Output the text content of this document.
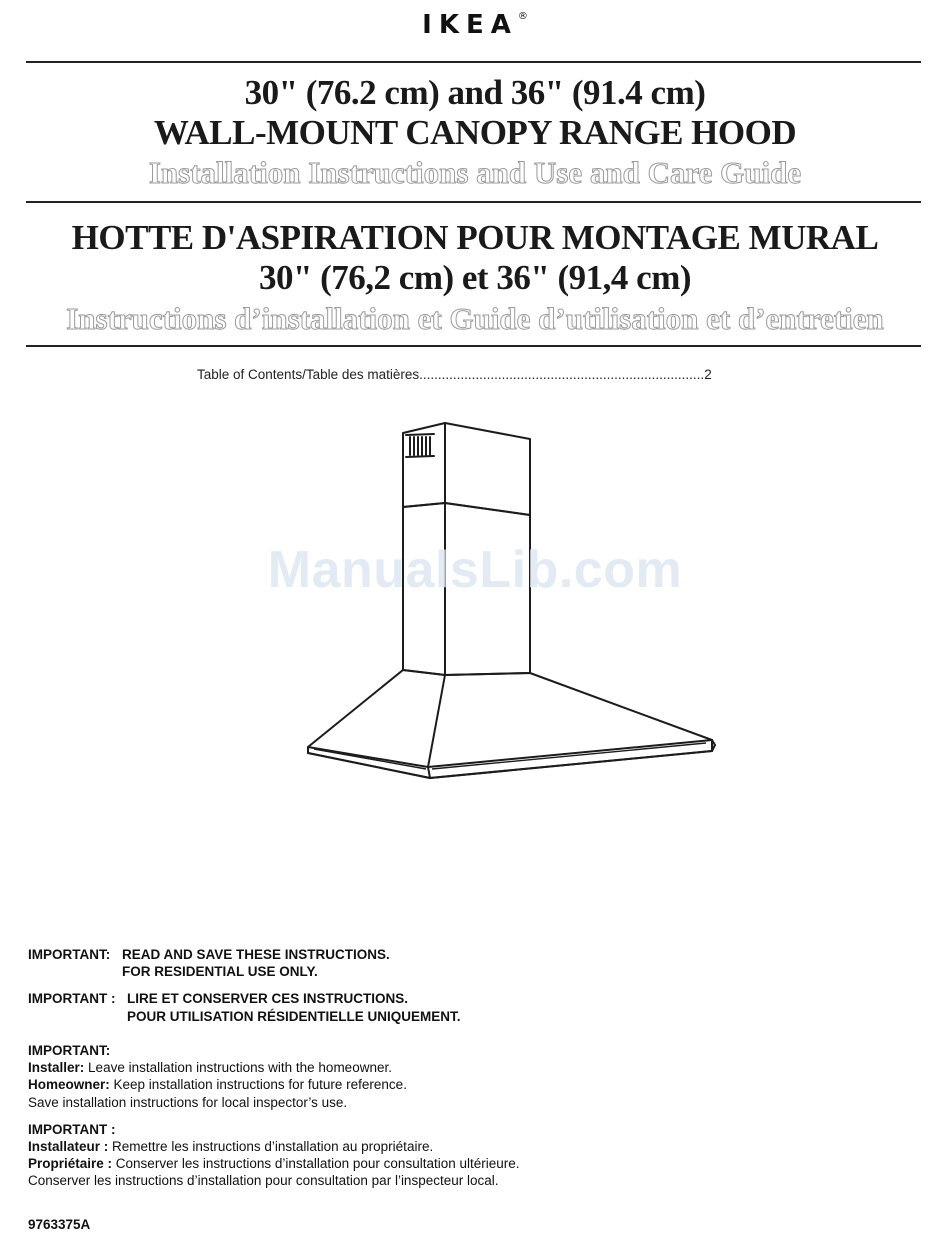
IKEA®
30" (76.2 cm) and 36" (91.4 cm)
WALL-MOUNT CANOPY RANGE HOOD
Installation Instructions and Use and Care Guide
HOTTE D'ASPIRATION POUR MONTAGE MURAL
30" (76,2 cm) et 36" (91,4 cm)
Instructions d’installation et Guide d’utilisation et d’entretien
Table of Contents/Table des matières............................................................................2
ManualsLib.com
IMPORTANT: READ AND SAVE THESE INSTRUCTIONS.
FOR RESIDENTIAL USE ONLY.
IMPORTANT : LIRE ET CONSERVER CES INSTRUCTIONS.
POUR UTILISATION RÉSIDENTIELLE UNIQUEMENT.
IMPORTANT:
Installer: Leave installation instructions with the homeowner.
Homeowner: Keep installation instructions for future reference.
Save installation instructions for local inspector’s use.
IMPORTANT :
Installateur : Remettre les instructions d’installation au propriétaire.
Propriétaire : Conserver les instructions d’installation pour consultation ultérieure.
Conserver les instructions d’installation pour consultation par l’inspecteur local.
9763375A
